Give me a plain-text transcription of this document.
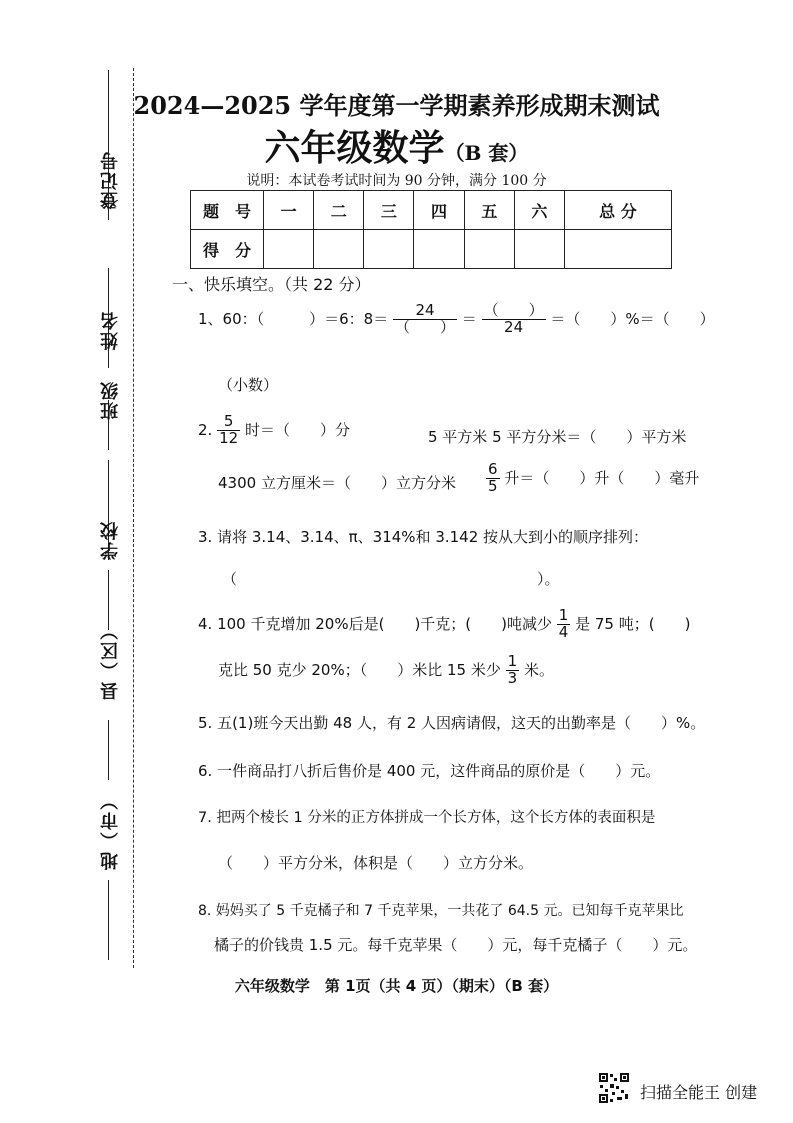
登记号
姓名
班级
学校
县（区）
地（市）
2024—2025 学年度第一学期素养形成期末测试
六年级数学（B 套）
说明：本试卷考试时间为 90 分钟，满分 100 分
题　号	一	二	三	四	五	六	总 分
得　分							
一、快乐填空。（共 22 分）
1、60：（　　　）＝6：$8= \frac{24}{( )} = \frac{( )}{24}$ ＝（　　）%＝（　　）
（小数）
2. $\frac{5}{12}$ 时＝（　　）分	5 平方米 5 平方分米＝（　　）平方米
4300 立方厘米＝（　　）立方分米 $\frac{6}{5}$ 升＝（　　）升（　　）毫升
3. 请将 3.14、3.14、π、314%和 3.142 按从大到小的顺序排列：
（　　　　　　　　　　　　　　　　　　　　）。
4. 100 千克增加 20%后是(　　)千克；(　　)吨减少 $\frac{1}{4}$ 是 75 吨；(　　)
克比 50 克少 20%；（　　）米比 15 米少 $\frac{1}{3}$ 米。
5. 五(1)班今天出勤 48 人，有 2 人因病请假，这天的出勤率是（　　）%。
6. 一件商品打八折后售价是 400 元，这件商品的原价是（　　）元。
7. 把两个棱长 1 分米的正方体拼成一个长方体，这个长方体的表面积是
（　　）平方分米，体积是（　　）立方分米。
8. 妈妈买了 5 千克橘子和 7 千克苹果，一共花了 64.5 元。已知每千克苹果比
橘子的价钱贵 1.5 元。每千克苹果（　　）元，每千克橘子（　　）元。
六年级数学　第 1页（共 4 页）（期末）（B 套）
扫描全能王 创建
